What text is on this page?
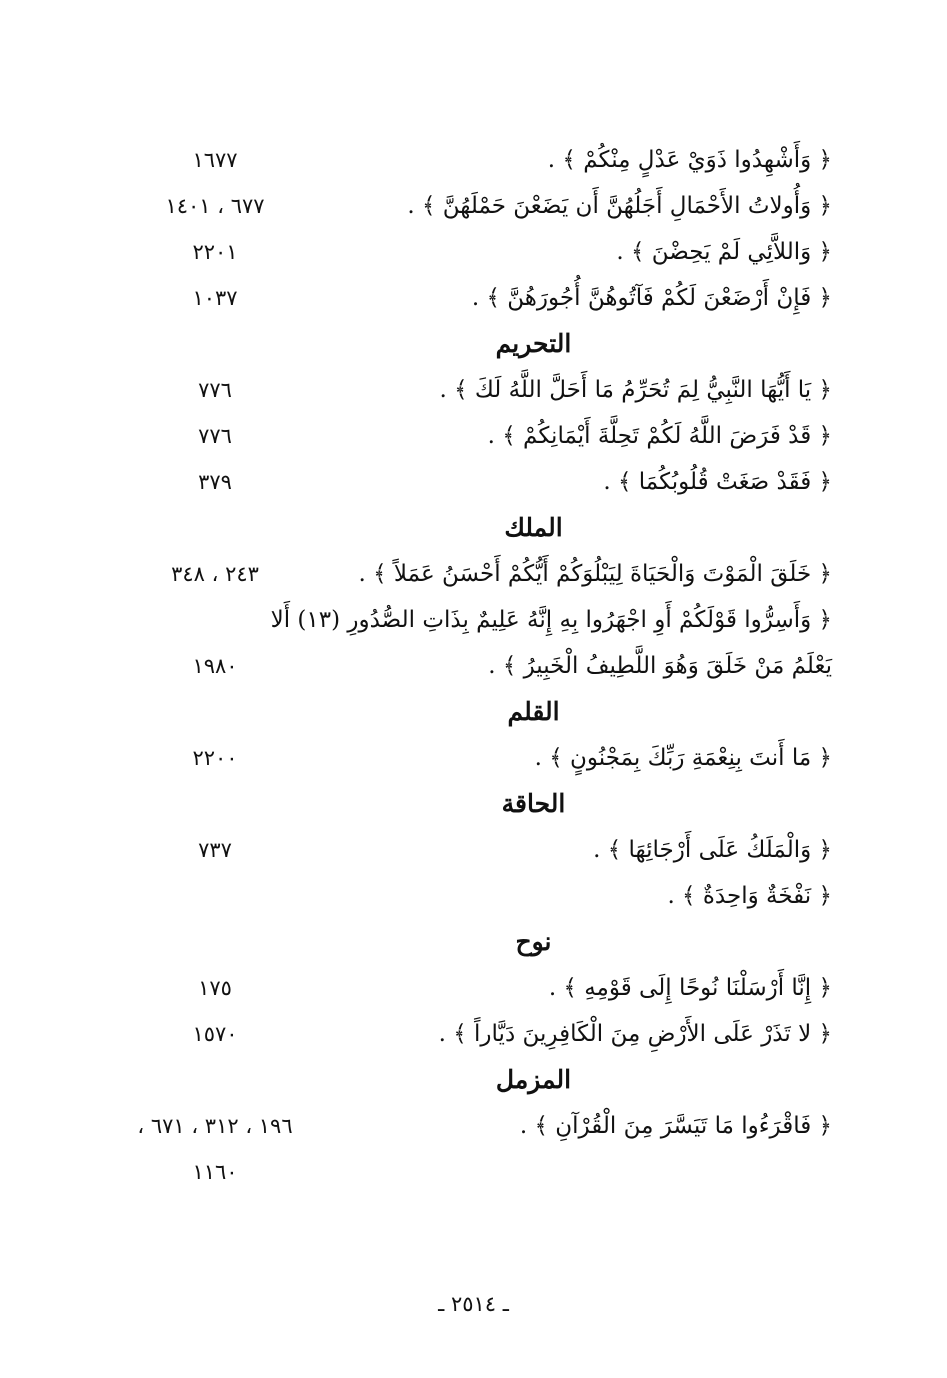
﴿ وَأَشْهِدُوا ذَوَيْ عَدْلٍ مِنْكُمْ ﴾ .
١٦٧٧
﴿ وَأُولاتُ الأَحْمَالِ أَجَلُهُنَّ أَن يَضَعْنَ حَمْلَهُنَّ ﴾ .
٦٧٧ ، ١٤٠١
﴿ وَاللاَّئِي لَمْ يَحِضْنَ ﴾ .
٢٢٠١
﴿ فَإِنْ أَرْضَعْنَ لَكُمْ فَآتُوهُنَّ أُجُورَهُنَّ ﴾ .
١٠٣٧
التحريم
﴿ يَا أَيُّهَا النَّبِيُّ لِمَ تُحَرِّمُ مَا أَحَلَّ اللَّهُ لَكَ ﴾ .
٧٧٦
﴿ قَدْ فَرَضَ اللَّهُ لَكُمْ تَحِلَّةَ أَيْمَانِكُمْ ﴾ .
٧٧٦
﴿ فَقَدْ صَغَتْ قُلُوبُكُمَا ﴾ .
٣٧٩
الملك
﴿ خَلَقَ الْمَوْتَ وَالْحَيَاةَ لِيَبْلُوَكُمْ أَيُّكُمْ أَحْسَنُ عَمَلاً ﴾ .
٢٤٣ ، ٣٤٨
﴿ وَأَسِرُّوا قَوْلَكُمْ أَوِ اجْهَرُوا بِهِ إِنَّهُ عَلِيمٌ بِذَاتِ الصُّدُورِ (١٣) أَلا
يَعْلَمُ مَنْ خَلَقَ وَهُوَ اللَّطِيفُ الْخَبِيرُ ﴾ .
١٩٨٠
القلم
﴿ مَا أَنتَ بِنِعْمَةِ رَبِّكَ بِمَجْنُونٍ ﴾ .
٢٢٠٠
الحاقة
﴿ وَالْمَلَكُ عَلَى أَرْجَائِهَا ﴾ .
٧٣٧
﴿ نَفْخَةٌ وَاحِدَةٌ ﴾ .
نوح
﴿ إِنَّا أَرْسَلْنَا نُوحًا إِلَى قَوْمِهِ ﴾ .
١٧٥
﴿ لا تَذَرْ عَلَى الأَرْضِ مِنَ الْكَافِرِينَ دَيَّاراً ﴾ .
١٥٧٠
المزمل
﴿ فَاقْرَءُوا مَا تَيَسَّرَ مِنَ الْقُرْآنِ ﴾ .
١٩٦ ، ٣١٢ ، ٦٧١ ،
١١٦٠
ـ ٢٥١٤ ـ
